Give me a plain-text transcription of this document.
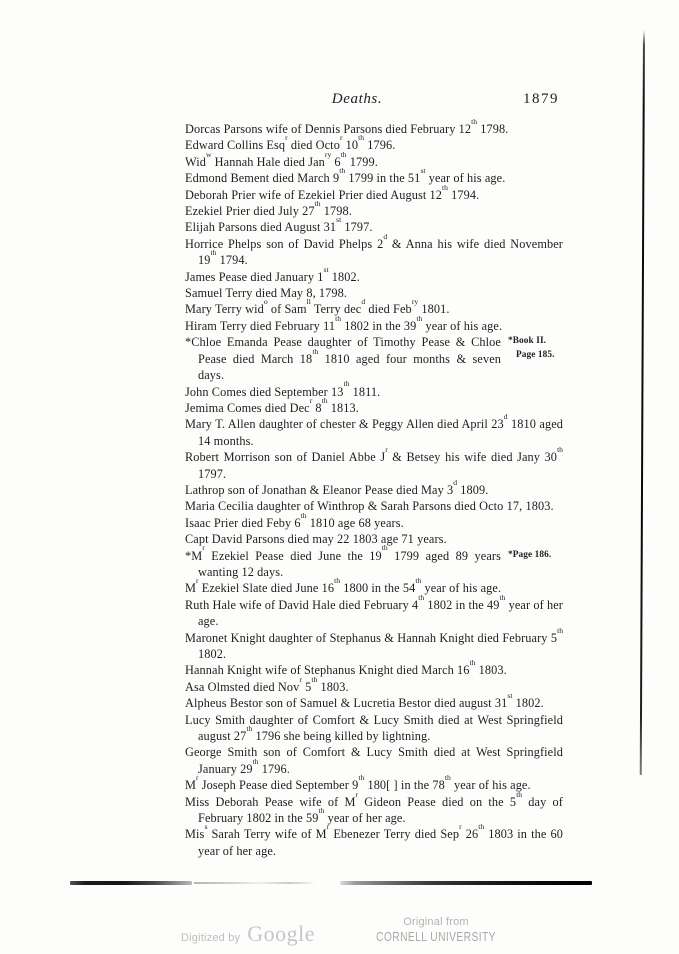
Deaths.	1879
Dorcas Parsons wife of Dennis Parsons died February 12th 1798.
Edward Collins Esq$^r$ died Octo$^r$ 10th 1796.
Wid$^w$ Hannah Hale died Jan$^{ry}$ 6th 1799.
Edmond Bement died March 9th 1799 in the 51st year of his age.
Deborah Prier wife of Ezekiel Prier died August 12th 1794.
Ezekiel Prier died July 27th 1798.
Elijah Parsons died August 31st 1797.
Horrice Phelps son of David Phelps 2$^d$ & Anna his wife died November 19th 1794.
James Pease died January 1st 1802.
Samuel Terry died May 8, 1798.
Mary Terry wid$^o$ of Sam$^{ll}$ Terry dec$^d$ died Feb$^{ry}$ 1801.
Hiram Terry died February 11th 1802 in the 39th year of his age.
*Chloe Emanda Pease daughter of Timothy Pease & Chloe Pease died March 18th 1810 aged four months & seven days.
*Book II.
Page 185.
John Comes died September 13th 1811.
Jemima Comes died Dec$^r$ 8th 1813.
Mary T. Allen daughter of chester & Peggy Allen died April 23$^d$ 1810 aged 14 months.
Robert Morrison son of Daniel Abbe $J^r$ & Betsey his wife died Jany 30th 1797.
Lathrop son of Jonathan & Eleanor Pease died May 3$^d$ 1809.
Maria Cecilia daughter of Winthrop & Sarah Parsons died Octo 17, 1803.
Isaac Prier died Feby 6th 1810 age 68 years.
Capt David Parsons died may 22 1803 age 71 years.
$*M^r$ Ezekiel Pease died June the 19th 1799 aged 89 years wanting 12 days.
*Page 186.
$M^r$ Ezekiel Slate died June 16th 1800 in the 54th year of his age.
Ruth Hale wife of David Hale died February 4th 1802 in the 49th year of her age.
Maronet Knight daughter of Stephanus & Hannah Knight died February 5th 1802.
Hannah Knight wife of Stephanus Knight died March 16th 1803.
Asa Olmsted died Nov$^r$ 5th 1803.
Alpheus Bestor son of Samuel & Lucretia Bestor died august 31st 1802.
Lucy Smith daughter of Comfort & Lucy Smith died at West Springfield august 27th 1796 she being killed by lightning.
George Smith son of Comfort & Lucy Smith died at West Springfield January 29th 1796.
$M^r$ Joseph Pease died September 9th 180[ ] in the 78th year of his age.
Miss Deborah Pease wife of $M^r$ Gideon Pease died on the 5th day of February 1802 in the 59th year of her age.
Mis$^s$ Sarah Terry wife of $M^r$ Ebenezer Terry died Sep$^r$ 26th 1803 in the 60 year of her age.
Digitized by Google	Original from
CORNELL UNIVERSITY
